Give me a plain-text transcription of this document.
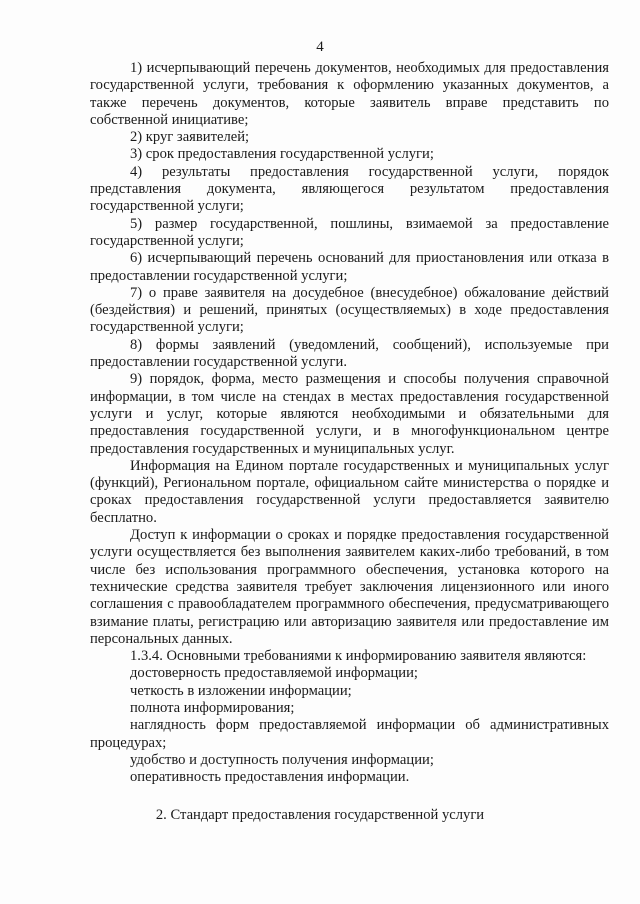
4

1) исчерпывающий перечень документов, необходимых для предоставления государственной услуги, требования к оформлению указанных документов, а также перечень документов, которые заявитель вправе представить по собственной инициативе;

2) круг заявителей;

3) срок предоставления государственной услуги;

4) результаты предоставления государственной услуги, порядок представления документа, являющегося результатом предоставления государственной услуги;

5) размер государственной, пошлины, взимаемой за предоставление государственной услуги;

6) исчерпывающий перечень оснований для приостановления или отказа в предоставлении государственной услуги;

7) о праве заявителя на досудебное (внесудебное) обжалование действий (бездействия) и решений, принятых (осуществляемых) в ходе предоставления государственной услуги;

8) формы заявлений (уведомлений, сообщений), используемые при предоставлении государственной услуги.

9) порядок, форма, место размещения и способы получения справочной информации, в том числе на стендах в местах предоставления государственной услуги и услуг, которые являются необходимыми и обязательными для предоставления государственной услуги, и в многофункциональном центре предоставления государственных и муниципальных услуг.

Информация на Едином портале государственных и муниципальных услуг (функций), Региональном портале, официальном сайте министерства о порядке и сроках предоставления государственной услуги предоставляется заявителю бесплатно.

Доступ к информации о сроках и порядке предоставления государственной услуги осуществляется без выполнения заявителем каких-либо требований, в том числе без использования программного обеспечения, установка которого на технические средства заявителя требует заключения лицензионного или иного соглашения с правообладателем программного обеспечения, предусматривающего взимание платы, регистрацию или авторизацию заявителя или предоставление им персональных данных.

1.3.4. Основными требованиями к информированию заявителя являются:

достоверность предоставляемой информации;

четкость в изложении информации;

полнота информирования;

наглядность форм предоставляемой информации об административных процедурах;

удобство и доступность получения информации;

оперативность предоставления информации.

2. Стандарт предоставления государственной услуги
